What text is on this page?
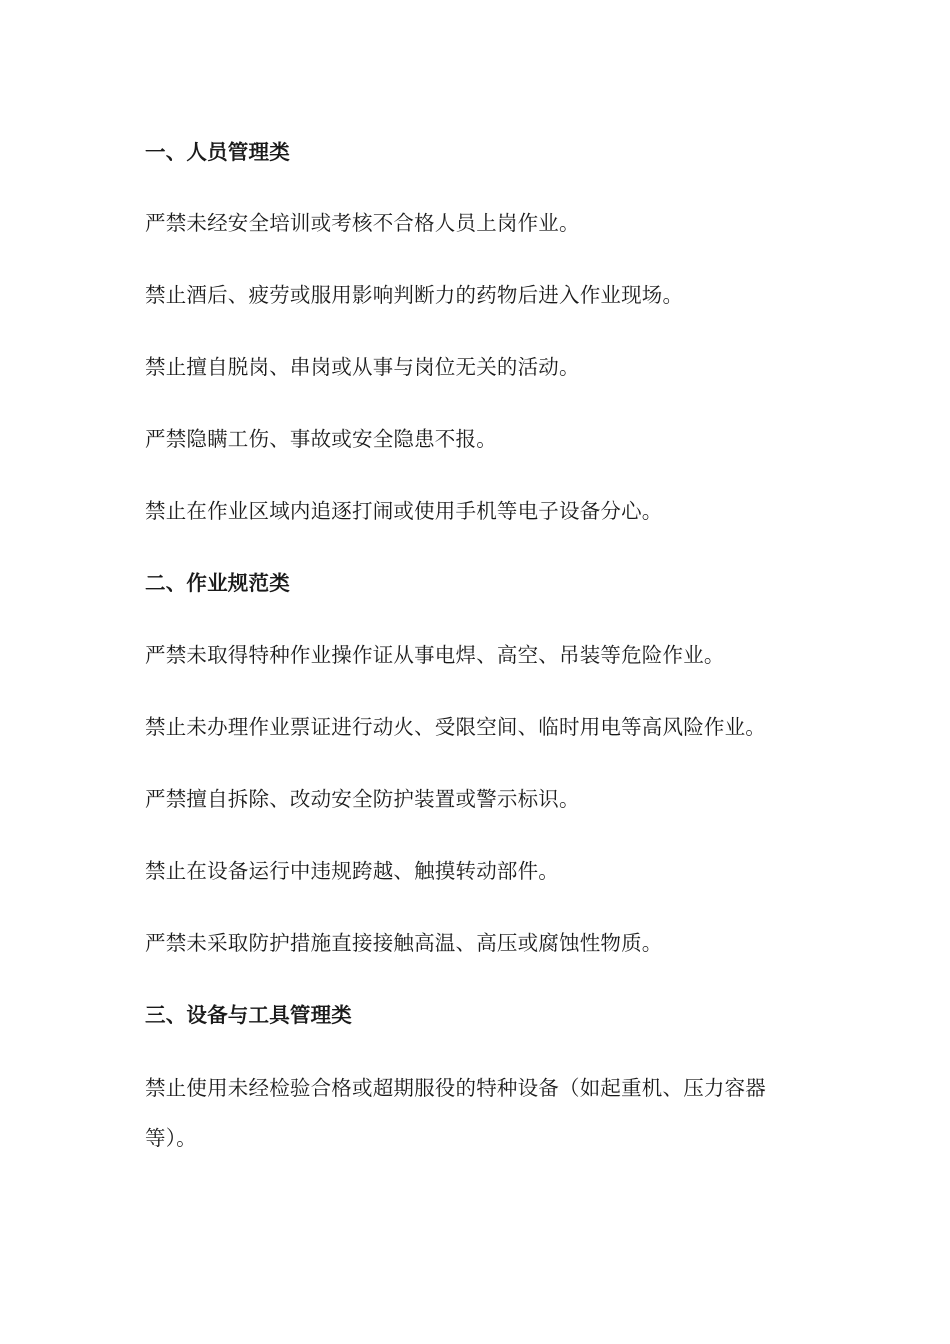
一、人员管理类
严禁未经安全培训或考核不合格人员上岗作业。
禁止酒后、疲劳或服用影响判断力的药物后进入作业现场。
禁止擅自脱岗、串岗或从事与岗位无关的活动。
严禁隐瞒工伤、事故或安全隐患不报。
禁止在作业区域内追逐打闹或使用手机等电子设备分心。
二、作业规范类
严禁未取得特种作业操作证从事电焊、高空、吊装等危险作业。
禁止未办理作业票证进行动火、受限空间、临时用电等高风险作业。
严禁擅自拆除、改动安全防护装置或警示标识。
禁止在设备运行中违规跨越、触摸转动部件。
严禁未采取防护措施直接接触高温、高压或腐蚀性物质。
三、设备与工具管理类
禁止使用未经检验合格或超期服役的特种设备（如起重机、压力容器等）。
